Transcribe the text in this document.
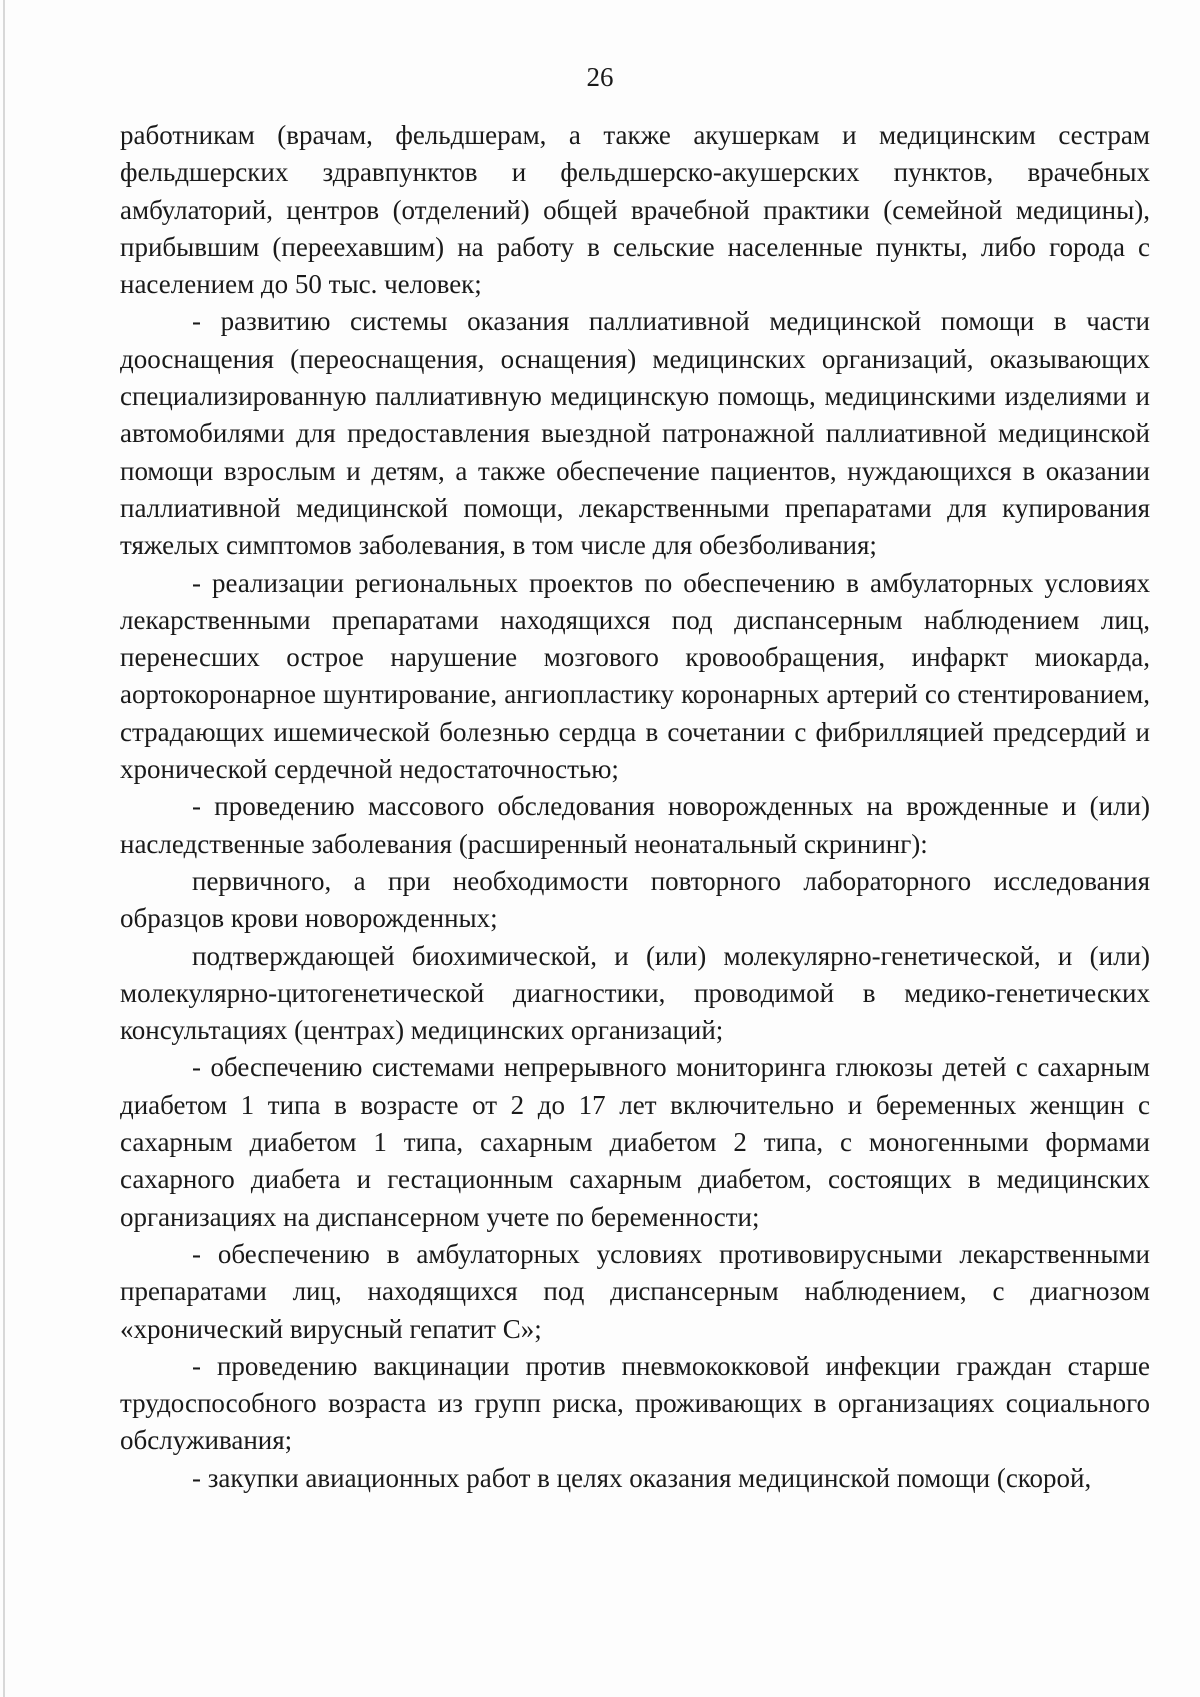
26

работникам (врачам, фельдшерам, а также акушеркам и медицинским сестрам фельдшерских здравпунктов и фельдшерско-акушерских пунктов, врачебных амбулаторий, центров (отделений) общей врачебной практики (семейной медицины), прибывшим (переехавшим) на работу в сельские населенные пункты, либо города с населением до 50 тыс. человек;

- развитию системы оказания паллиативной медицинской помощи в части дооснащения (переоснащения, оснащения) медицинских организаций, оказывающих специализированную паллиативную медицинскую помощь, медицинскими изделиями и автомобилями для предоставления выездной патронажной паллиативной медицинской помощи взрослым и детям, а также обеспечение пациентов, нуждающихся в оказании паллиативной медицинской помощи, лекарственными препаратами для купирования тяжелых симптомов заболевания, в том числе для обезболивания;

- реализации региональных проектов по обеспечению в амбулаторных условиях лекарственными препаратами находящихся под диспансерным наблюдением лиц, перенесших острое нарушение мозгового кровообращения, инфаркт миокарда, аортокоронарное шунтирование, ангиопластику коронарных артерий со стентированием, страдающих ишемической болезнью сердца в сочетании с фибрилляцией предсердий и хронической сердечной недостаточностью;

- проведению массового обследования новорожденных на врожденные и (или) наследственные заболевания (расширенный неонатальный скрининг):

первичного, а при необходимости повторного лабораторного исследования образцов крови новорожденных;

подтверждающей биохимической, и (или) молекулярно-генетической, и (или) молекулярно-цитогенетической диагностики, проводимой в медико-генетических консультациях (центрах) медицинских организаций;

- обеспечению системами непрерывного мониторинга глюкозы детей с сахарным диабетом 1 типа в возрасте от 2 до 17 лет включительно и беременных женщин с сахарным диабетом 1 типа, сахарным диабетом 2 типа, с моногенными формами сахарного диабета и гестационным сахарным диабетом, состоящих в медицинских организациях на диспансерном учете по беременности;

- обеспечению в амбулаторных условиях противовирусными лекарственными препаратами лиц, находящихся под диспансерным наблюдением, с диагнозом «хронический вирусный гепатит С»;

- проведению вакцинации против пневмококковой инфекции граждан старше трудоспособного возраста из групп риска, проживающих в организациях социального обслуживания;

- закупки авиационных работ в целях оказания медицинской помощи (скорой,
